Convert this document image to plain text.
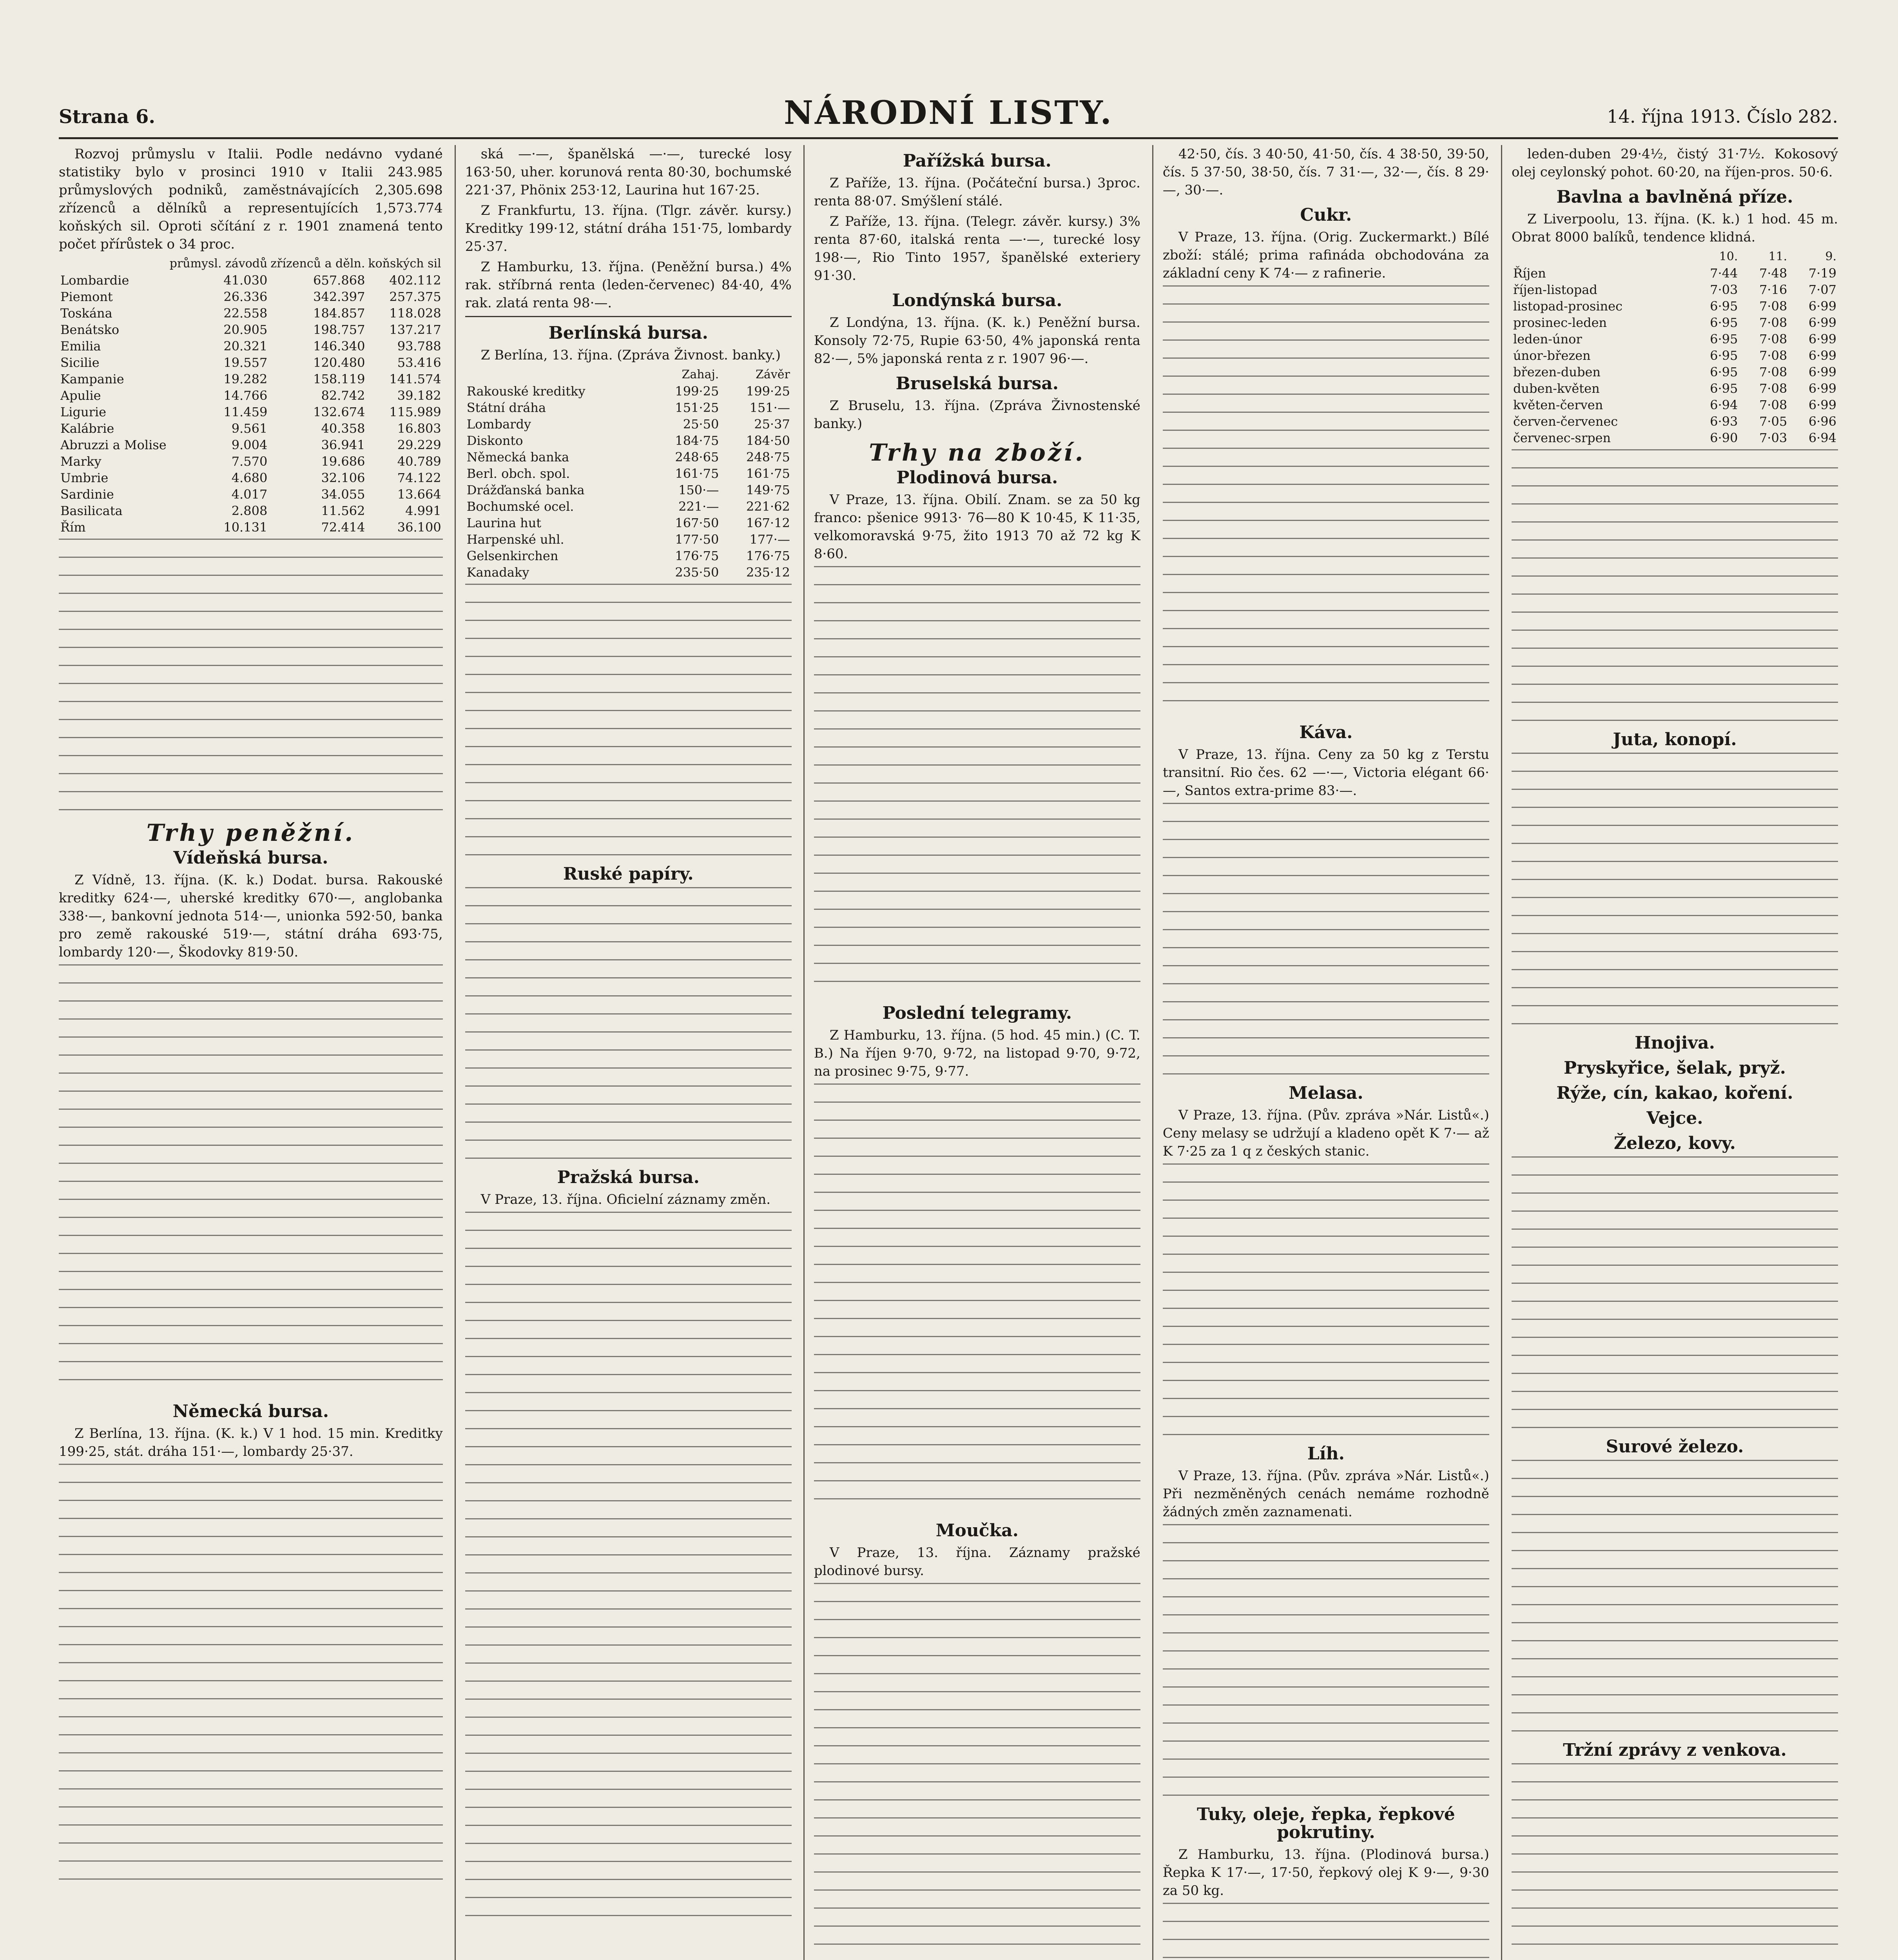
Strana 6.	NÁRODNÍ LISTY.	14. října 1913. Číslo 282.

Rozvoj průmyslu v Italii. Podle nedávno vydané statistiky bylo v prosinci 1910 v Italii 243.985 průmyslových podniků, zaměstnávajících 2,305.698 zřízenců a dělníků a representujících 1,573.774 koňských sil. Oproti sčítání z r. 1901 znamená tento počet přírůstek o 34 proc.

	průmysl. závodů	zřízenců a děln.	koňských sil
Lombardie	41.030	657.868	402.112
Piemont	26.336	342.397	257.375
Toskána	22.558	184.857	118.028
Benátsko	20.905	198.757	137.217
Emilia	20.321	146.340	93.788
Sicilie	19.557	120.480	53.416
Kampanie	19.282	158.119	141.574
Apulie	14.766	82.742	39.182
Ligurie	11.459	132.674	115.989
Kalábrie	9.561	40.358	16.803
Abruzzi a Molise	9.004	36.941	29.229
Marky	7.570	19.686	40.789
Umbrie	4.680	32.106	74.122
Sardinie	4.017	34.055	13.664
Basilicata	2.808	11.562	4.991
Řím	10.131	72.414	36.100
Trhy peněžní.
Vídeňská bursa.

Z Vídně, 13. října. (K. k.) Dodat. bursa. Rakouské kreditky 624·—, uherské kreditky 670·—, anglobanka 338·—, bankovní jednota 514·—, unionka 592·50, banka pro země rakouské 519·—, státní dráha 693·75, lombardy 120·—, Škodovky 819·50.

Německá bursa.

Z Berlína, 13. října. (K. k.) V 1 hod. 15 min. Kreditky 199·25, stát. dráha 151·—, lombardy 25·37.

ská —·—, španělská —·—, turecké losy 163·50, uher. korunová renta 80·30, bochumské 221·37, Phönix 253·12, Laurina hut 167·25.

Z Frankfurtu, 13. října. (Tlgr. závěr. kursy.) Kreditky 199·12, státní dráha 151·75, lombardy 25·37.

Z Hamburku, 13. října. (Peněžní bursa.) 4% rak. stříbrná renta (leden-červenec) 84·40, 4% rak. zlatá renta 98·—.

Berlínská bursa.

Z Berlína, 13. října. (Zpráva Živnost. banky.)

	Zahaj.	Závěr
Rakouské kreditky	199·25	199·25
Státní dráha	151·25	151·—
Lombardy	25·50	25·37
Diskonto	184·75	184·50
Německá banka	248·65	248·75
Berl. obch. spol.	161·75	161·75
Drážďanská banka	150·—	149·75
Bochumské ocel.	221·—	221·62
Laurina hut	167·50	167·12
Harpenské uhl.	177·50	177·—
Gelsenkirchen	176·75	176·75
Kanadaky	235·50	235·12
Ruské papíry.
Pražská bursa.

V Praze, 13. října. Oficielní záznamy změn.

Pařížská bursa.

Z Paříže, 13. října. (Počáteční bursa.) 3proc. renta 88·07. Smýšlení stálé.

Z Paříže, 13. října. (Telegr. závěr. kursy.) 3% renta 87·60, italská renta —·—, turecké losy 198·—, Rio Tinto 1957, španělské exteriery 91·30.

Londýnská bursa.

Z Londýna, 13. října. (K. k.) Peněžní bursa. Konsoly 72·75, Rupie 63·50, 4% japonská renta 82·—, 5% japonská renta z r. 1907 96·—.

Bruselská bursa.

Z Bruselu, 13. října. (Zpráva Živnostenské banky.)

Trhy na zboží.
Plodinová bursa.

V Praze, 13. října. Obilí. Znam. se za 50 kg franco: pšenice 9913· 76—80 K 10·45, K 11·35, velkomoravská 9·75, žito 1913 70 až 72 kg K 8·60.

Poslední telegramy.

Z Hamburku, 13. října. (5 hod. 45 min.) (C. T. B.) Na říjen 9·70, 9·72, na listopad 9·70, 9·72, na prosinec 9·75, 9·77.

Moučka.

V Praze, 13. října. Záznamy pražské plodinové bursy.

42·50, čís. 3 40·50, 41·50, čís. 4 38·50, 39·50, čís. 5 37·50, 38·50, čís. 7 31·—, 32·—, čís. 8 29·—, 30·—.

Cukr.

V Praze, 13. října. (Orig. Zuckermarkt.) Bílé zboží: stálé; prima rafináda obchodována za základní ceny K 74·— z rafinerie.

Káva.

V Praze, 13. října. Ceny za 50 kg z Terstu transitní. Rio čes. 62 —·—, Victoria elégant 66·—, Santos extra-prime 83·—.

Melasa.

V Praze, 13. října. (Pův. zpráva »Nár. Listů«.) Ceny melasy se udržují a kladeno opět K 7·— až K 7·25 za 1 q z českých stanic.

Líh.

V Praze, 13. října. (Pův. zpráva »Nár. Listů«.) Při nezměněných cenách nemáme rozhodně žádných změn zaznamenati.

Tuky, oleje, řepka, řepkové pokrutiny.

Z Hamburku, 13. října. (Plodinová bursa.) Řepka K 17·—, 17·50, řepkový olej K 9·—, 9·30 za 50 kg.

leden-duben 29·4½, čistý 31·7½. Kokosový olej ceylonský pohot. 60·20, na říjen-pros. 50·6.

Bavlna a bavlněná příze.

Z Liverpoolu, 13. října. (K. k.) 1 hod. 45 m. Obrat 8000 balíků, tendence klidná.

	10.	11.	9.
Říjen	7·44	7·48	7·19
říjen-listopad	7·03	7·16	7·07
listopad-prosinec	6·95	7·08	6·99
prosinec-leden	6·95	7·08	6·99
leden-únor	6·95	7·08	6·99
únor-březen	6·95	7·08	6·99
březen-duben	6·95	7·08	6·99
duben-květen	6·95	7·08	6·99
květen-červen	6·94	7·08	6·99
červen-červenec	6·93	7·05	6·96
červenec-srpen	6·90	7·03	6·94
Juta, konopí.
Hnojiva.
Pryskyřice, šelak, pryž.
Rýže, cín, kakao, koření.
Vejce.
Železo, kovy.
Surové železo.
Tržní zprávy z venkova.
